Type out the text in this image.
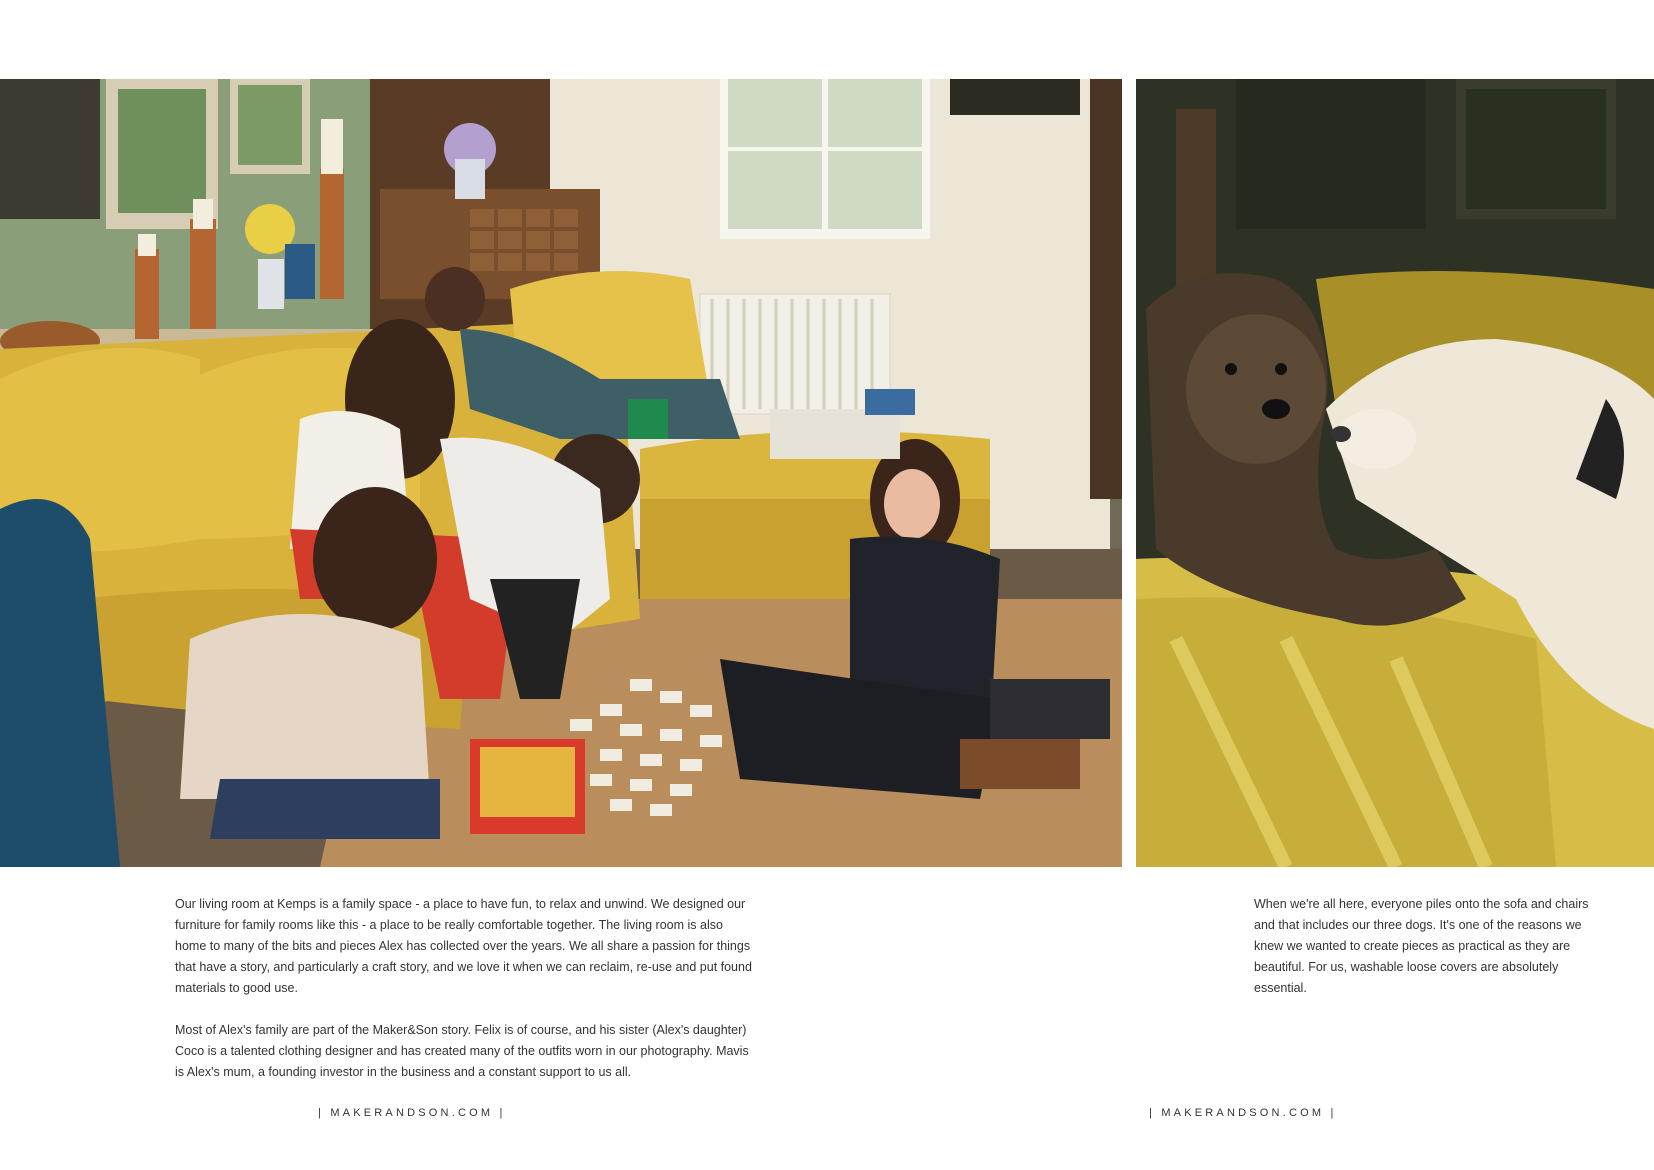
Our living room at Kemps is a family space - a place to have fun, to relax and unwind. We designed our furniture for family rooms like this - a place to be really comfortable together. The living room is also home to many of the bits and pieces Alex has collected over the years. We all share a passion for things that have a story, and particularly a craft story, and we love it when we can reclaim, re-use and put found materials to good use.

Most of Alex's family are part of the Maker&Son story. Felix is of course, and his sister (Alex's daughter) Coco is a talented clothing designer and has created many of the outfits worn in our photography. Mavis is Alex's mum, a founding investor in the business and a constant support to us all.

When we're all here, everyone piles onto the sofa and chairs and that includes our three dogs. It's one of the reasons we knew we wanted to create pieces as practical as they are beautiful. For us, washable loose covers are absolutely essential.

| MAKERANDSON.COM |	| MAKERANDSON.COM |
